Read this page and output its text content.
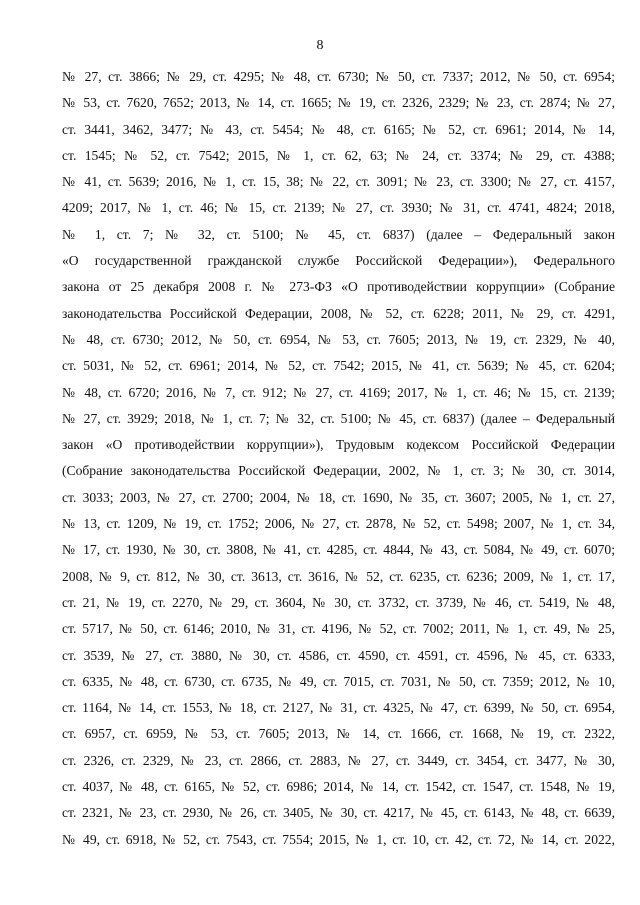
8
№ 27, ст. 3866; № 29, ст. 4295; № 48, ст. 6730; № 50, ст. 7337; 2012, № 50, ст. 6954;
№ 53, ст. 7620, 7652; 2013, № 14, ст. 1665; № 19, ст. 2326, 2329; № 23, ст. 2874; № 27,
ст. 3441, 3462, 3477; № 43, ст. 5454; № 48, ст. 6165; № 52, ст. 6961; 2014, № 14,
ст. 1545; № 52, ст. 7542; 2015, № 1, ст. 62, 63; № 24, ст. 3374; № 29, ст. 4388;
№ 41, ст. 5639; 2016, № 1, ст. 15, 38; № 22, ст. 3091; № 23, ст. 3300; № 27, ст. 4157,
4209; 2017, № 1, ст. 46; № 15, ст. 2139; № 27, ст. 3930; № 31, ст. 4741, 4824; 2018,
№ 1, ст. 7; № 32, ст. 5100; № 45, ст. 6837) (далее – Федеральный закон
«О государственной гражданской службе Российской Федерации»), Федерального
закона от 25 декабря 2008 г. № 273-ФЗ «О противодействии коррупции» (Собрание
законодательства Российской Федерации, 2008, № 52, ст. 6228; 2011, № 29, ст. 4291,
№ 48, ст. 6730; 2012, № 50, ст. 6954, № 53, ст. 7605; 2013, № 19, ст. 2329, № 40,
ст. 5031, № 52, ст. 6961; 2014, № 52, ст. 7542; 2015, № 41, ст. 5639; № 45, ст. 6204;
№ 48, ст. 6720; 2016, № 7, ст. 912; № 27, ст. 4169; 2017, № 1, ст. 46; № 15, ст. 2139;
№ 27, ст. 3929; 2018, № 1, ст. 7; № 32, ст. 5100; № 45, ст. 6837) (далее – Федеральный
закон «О противодействии коррупции»), Трудовым кодексом Российской Федерации
(Собрание законодательства Российской Федерации, 2002, № 1, ст. 3; № 30, ст. 3014,
ст. 3033; 2003, № 27, ст. 2700; 2004, № 18, ст. 1690, № 35, ст. 3607; 2005, № 1, ст. 27,
№ 13, ст. 1209, № 19, ст. 1752; 2006, № 27, ст. 2878, № 52, ст. 5498; 2007, № 1, ст. 34,
№ 17, ст. 1930, № 30, ст. 3808, № 41, ст. 4285, ст. 4844, № 43, ст. 5084, № 49, ст. 6070;
2008, № 9, ст. 812, № 30, ст. 3613, ст. 3616, № 52, ст. 6235, ст. 6236; 2009, № 1, ст. 17,
ст. 21, № 19, ст. 2270, № 29, ст. 3604, № 30, ст. 3732, ст. 3739, № 46, ст. 5419, № 48,
ст. 5717, № 50, ст. 6146; 2010, № 31, ст. 4196, № 52, ст. 7002; 2011, № 1, ст. 49, № 25,
ст. 3539, № 27, ст. 3880, № 30, ст. 4586, ст. 4590, ст. 4591, ст. 4596, № 45, ст. 6333,
ст. 6335, № 48, ст. 6730, ст. 6735, № 49, ст. 7015, ст. 7031, № 50, ст. 7359; 2012, № 10,
ст. 1164, № 14, ст. 1553, № 18, ст. 2127, № 31, ст. 4325, № 47, ст. 6399, № 50, ст. 6954,
ст. 6957, ст. 6959, № 53, ст. 7605; 2013, № 14, ст. 1666, ст. 1668, № 19, ст. 2322,
ст. 2326, ст. 2329, № 23, ст. 2866, ст. 2883, № 27, ст. 3449, ст. 3454, ст. 3477, № 30,
ст. 4037, № 48, ст. 6165, № 52, ст. 6986; 2014, № 14, ст. 1542, ст. 1547, ст. 1548, № 19,
ст. 2321, № 23, ст. 2930, № 26, ст. 3405, № 30, ст. 4217, № 45, ст. 6143, № 48, ст. 6639,
№ 49, ст. 6918, № 52, ст. 7543, ст. 7554; 2015, № 1, ст. 10, ст. 42, ст. 72, № 14, ст. 2022,
